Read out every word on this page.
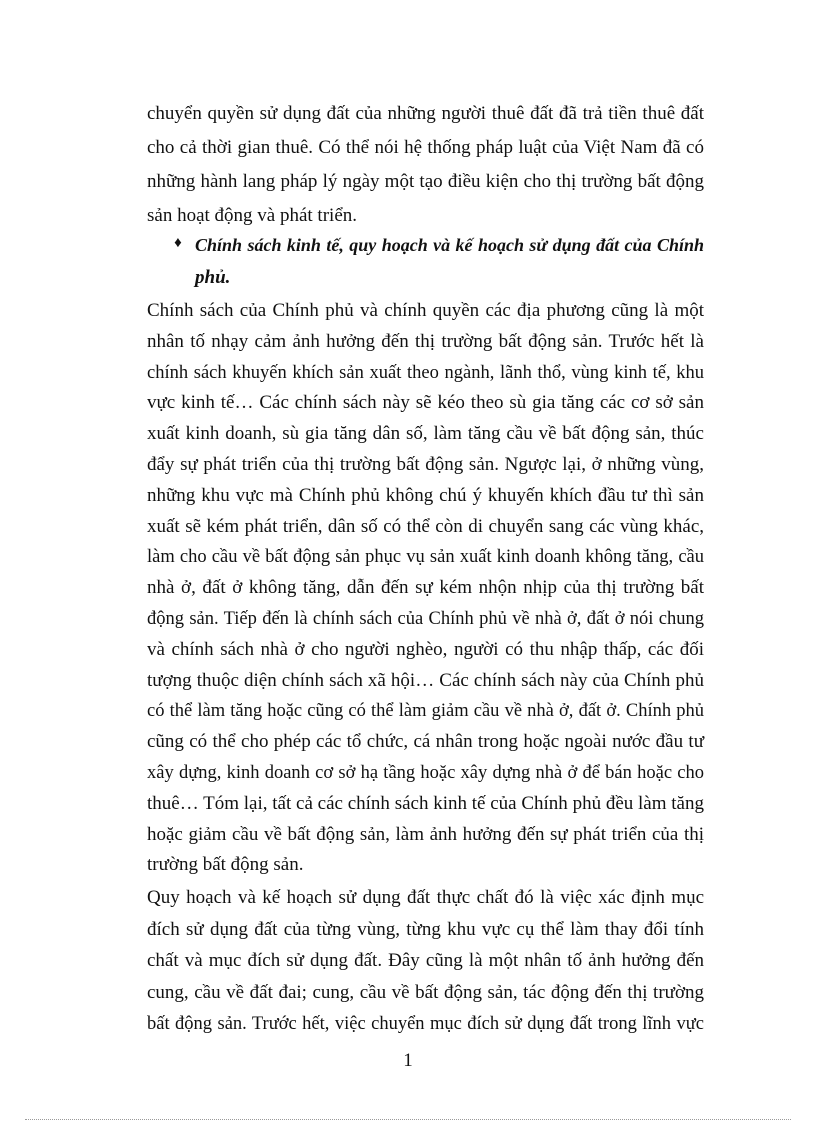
chuyển quyền sử dụng đất của những người thuê đất đã trả tiền thuê đất
cho cả thời gian thuê. Có thể nói hệ thống pháp luật của Việt Nam đã có
những hành lang pháp lý ngày một tạo điều kiện cho thị trường bất động
sản hoạt động và phát triển.
♦ Chính sách kinh tế, quy hoạch và kế hoạch sử dụng đất của Chính
phủ.
Chính sách của Chính phủ và chính quyền các địa phương cũng là một
nhân tố nhạy cảm ảnh hưởng đến thị trường bất động sản. Trước hết là
chính sách khuyến khích sản xuất theo ngành, lãnh thổ, vùng kinh tế, khu
vực kinh tế… Các chính sách này sẽ kéo theo sù gia tăng các cơ sở sản
xuất kinh doanh, sù gia tăng dân số, làm tăng cầu về bất động sản, thúc
đẩy sự phát triển của thị trường bất động sản. Ngược lại, ở những vùng,
những khu vực mà Chính phủ không chú ý khuyến khích đầu tư thì sản
xuất sẽ kém phát triển, dân số có thể còn di chuyển sang các vùng khác,
làm cho cầu về bất động sản phục vụ sản xuất kinh doanh không tăng, cầu
nhà ở, đất ở không tăng, dẫn đến sự kém nhộn nhịp của thị trường bất
động sản. Tiếp đến là chính sách của Chính phủ về nhà ở, đất ở nói chung
và chính sách nhà ở cho người nghèo, người có thu nhập thấp, các đối
tượng thuộc diện chính sách xã hội… Các chính sách này của Chính phủ
có thể làm tăng hoặc cũng có thể làm giảm cầu về nhà ở, đất ở. Chính phủ
cũng có thể cho phép các tổ chức, cá nhân trong hoặc ngoài nước đầu tư
xây dựng, kinh doanh cơ sở hạ tầng hoặc xây dựng nhà ở để bán hoặc cho
thuê… Tóm lại, tất cả các chính sách kinh tế của Chính phủ đều làm tăng
hoặc giảm cầu về bất động sản, làm ảnh hưởng đến sự phát triển của thị
trường bất động sản.
Quy hoạch và kế hoạch sử dụng đất thực chất đó là việc xác định mục
đích sử dụng đất của từng vùng, từng khu vực cụ thể làm thay đổi tính
chất và mục đích sử dụng đất. Đây cũng là một nhân tố ảnh hưởng đến
cung, cầu về đất đai; cung, cầu về bất động sản, tác động đến thị trường
bất động sản. Trước hết, việc chuyển mục đích sử dụng đất trong lĩnh vực
1
